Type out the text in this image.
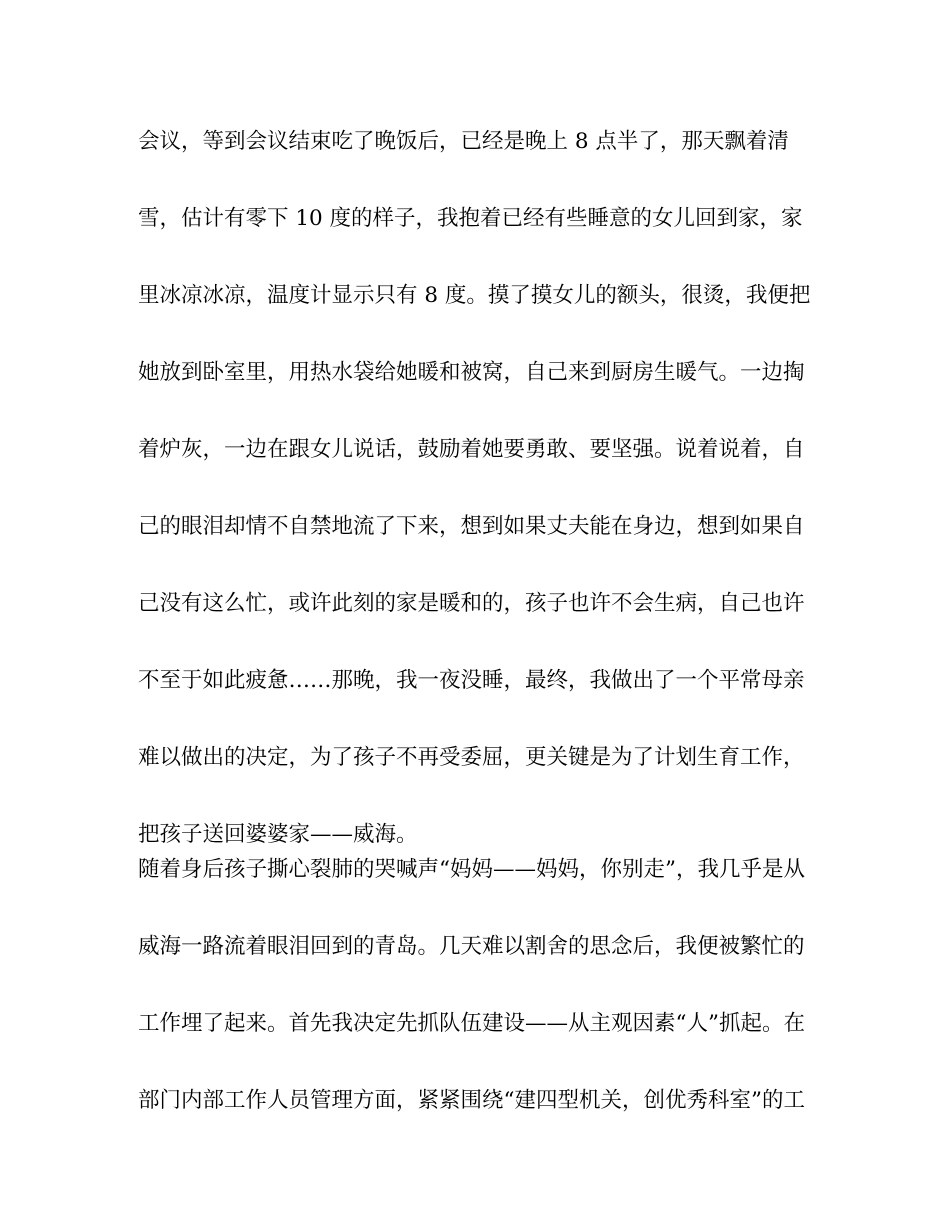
会议，等到会议结束吃了晚饭后，已经是晚上 8 点半了，那天飘着清
雪，估计有零下 10 度的样子，我抱着已经有些睡意的女儿回到家，家
里冰凉冰凉，温度计显示只有 8 度。摸了摸女儿的额头，很烫，我便把
她放到卧室里，用热水袋给她暖和被窝，自己来到厨房生暖气。一边掏
着炉灰，一边在跟女儿说话，鼓励着她要勇敢、要坚强。说着说着，自
己的眼泪却情不自禁地流了下来，想到如果丈夫能在身边，想到如果自
己没有这么忙，或许此刻的家是暖和的，孩子也许不会生病，自己也许
不至于如此疲惫……那晚，我一夜没睡，最终，我做出了一个平常母亲
难以做出的决定，为了孩子不再受委屈，更关键是为了计划生育工作，
把孩子送回婆婆家——威海。
随着身后孩子撕心裂肺的哭喊声“妈妈——妈妈，你别走”，我几乎是从
威海一路流着眼泪回到的青岛。几天难以割舍的思念后，我便被繁忙的
工作埋了起来。首先我决定先抓队伍建设——从主观因素“人”抓起。在
部门内部工作人员管理方面，紧紧围绕“建四型机关，创优秀科室”的工
